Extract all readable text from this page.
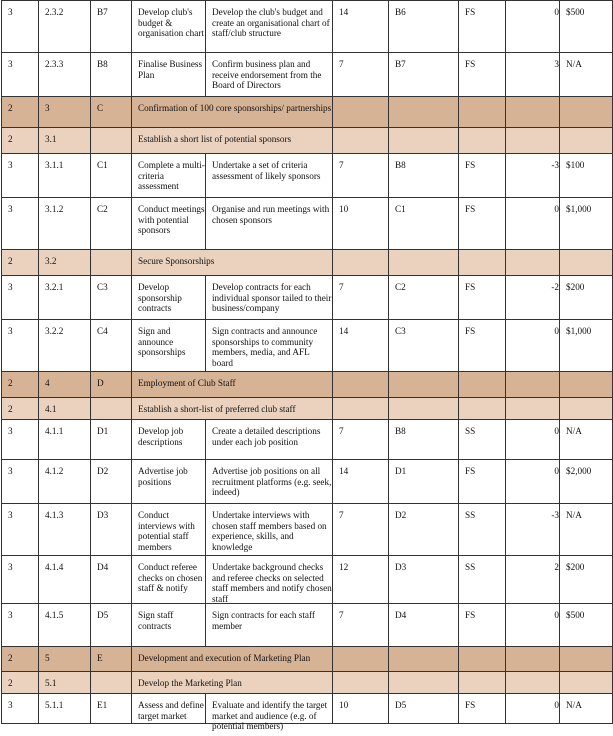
3	2.3.2	B7	Develop club's budget & organisation chart	Develop the club's budget and create an organisational chart of staff/club structure	14	B6	FS	0	$500

3	2.3.3	B8	Finalise Business Plan	Confirm business plan and receive endorsement from the Board of Directors	7	B7	FS	3	N/A

2	3	C	Confirmation of 100 core sponsorships/ partnerships						

2	3.1		Establish a short list of potential sponsors						

3	3.1.1	C1	Complete a multi-criteria assessment	Undertake a set of criteria assessment of likely sponsors	7	B8	FS	-3	$100

3	3.1.2	C2	Conduct meetings with potential sponsors	Organise and run meetings with chosen sponsors	10	C1	FS	0	$1,000

2	3.2		Secure Sponsorships						

3	3.2.1	C3	Develop sponsorship contracts	Develop contracts for each individual sponsor tailed to their business/company	7	C2	FS	-2	$200

3	3.2.2	C4	Sign and announce sponsorships	Sign contracts and announce sponsorships to community members, media, and AFL board	14	C3	FS	0	$1,000

2	4	D	Employment of Club Staff						

2	4.1		Establish a short-list of preferred club staff						

3	4.1.1	D1	Develop job descriptions	Create a detailed descriptions under each job position	7	B8	SS	0	N/A

3	4.1.2	D2	Advertise job positions	Advertise job positions on all recruitment platforms (e.g. seek, indeed)	14	D1	FS	0	$2,000

3	4.1.3	D3	Conduct interviews with potential staff members	Undertake interviews with chosen staff members based on experience, skills, and knowledge	7	D2	SS	-3	N/A

3	4.1.4	D4	Conduct referee checks on chosen staff & notify	Undertake background checks and referee checks on selected staff members and notify chosen staff	12	D3	SS	2	$200

3	4.1.5	D5	Sign staff contracts	Sign contracts for each staff member	7	D4	FS	0	$500

2	5	E	Development and execution of Marketing Plan						

2	5.1		Develop the Marketing Plan						

3	5.1.1	E1	Assess and define target market	Evaluate and identify the target market and audience (e.g. of potential members)	10	D5	FS	0	N/A
